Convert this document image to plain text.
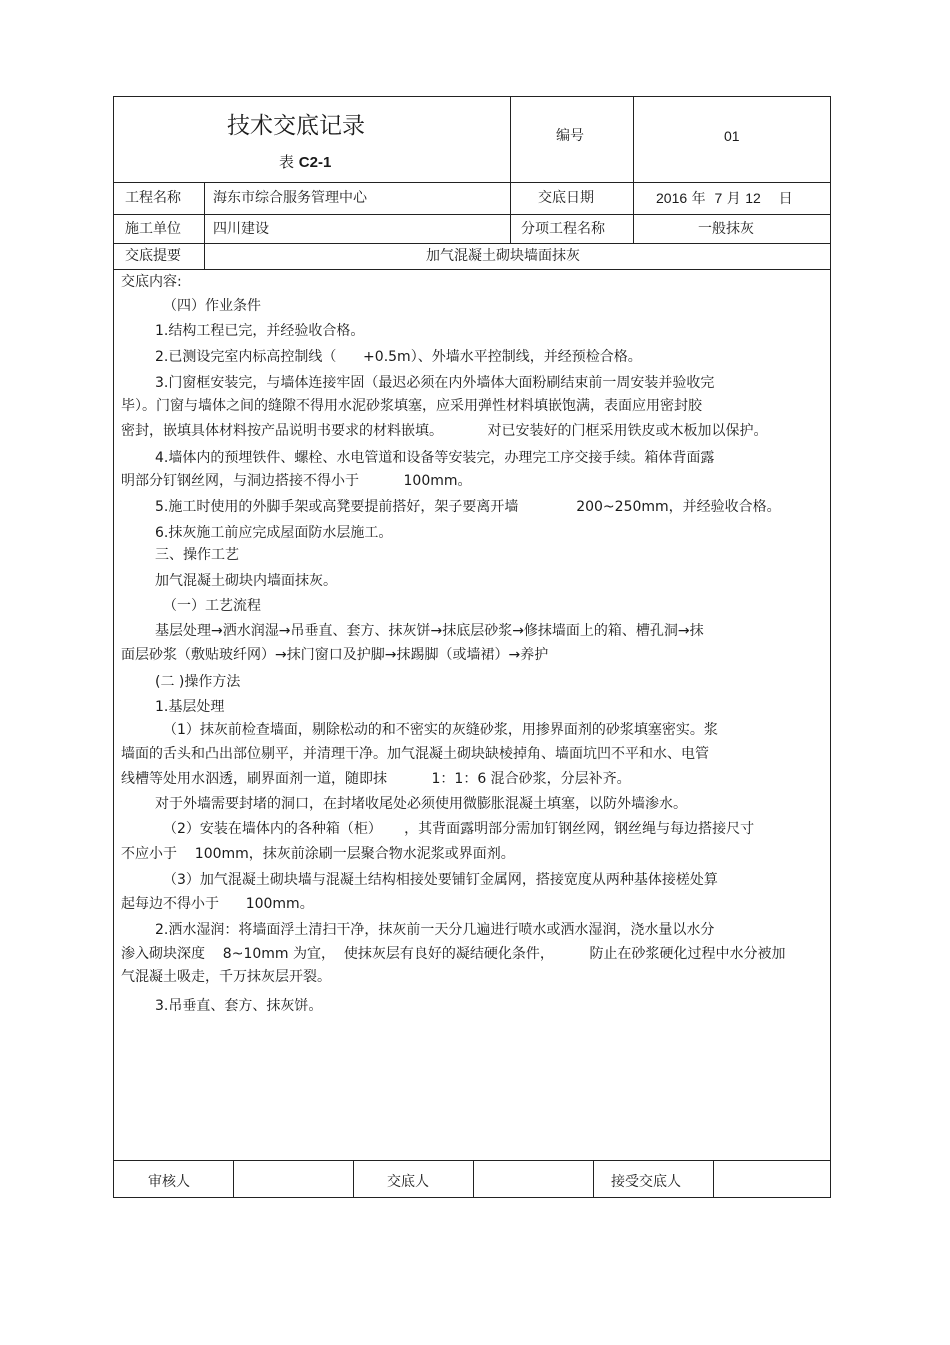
技术交底记录
表 C2-1
编号	01
工程名称 海东市综合服务管理中心	交底日期	2016 年 7 月 12 日
施工单位 四川建设	分项工程名称	一般抹灰
交底提要	加气混凝土砌块墙面抹灰
交底内容:
（四）作业条件
1.结构工程已完，并经验收合格。
2.已测设完室内标高控制线（      +0.5m）、外墙水平控制线，并经预检合格。
3.门窗框安装完，与墙体连接牢固（最迟必须在内外墙体大面粉刷结束前一周安装并验收完
毕）。门窗与墙体之间的缝隙不得用水泥砂浆填塞，应采用弹性材料填嵌饱满，表面应用密封胶
密封，嵌填具体材料按产品说明书要求的材料嵌填。          对已安装好的门框采用铁皮或木板加以保护。
4.墙体内的预埋铁件、螺栓、水电管道和设备等安装完，办理完工序交接手续。箱体背面露
明部分钉钢丝网，与洞边搭接不得小于          100mm。
5.施工时使用的外脚手架或高凳要提前搭好，架子要离开墙             200~250mm，并经验收合格。
6.抹灰施工前应完成屋面防水层施工。
三、操作工艺
加气混凝土砌块内墙面抹灰。
（一）工艺流程
基层处理→洒水润湿→吊垂直、套方、抹灰饼→抹底层砂浆→修抹墙面上的箱、槽孔洞→抹
面层砂浆（敷贴玻纤网）→抹门窗口及护脚→抹踢脚（或墙裙）→养护
(二 )操作方法
1.基层处理
（1）抹灰前检查墙面，剔除松动的和不密实的灰缝砂浆，用掺界面剂的砂浆填塞密实。浆
墙面的舌头和凸出部位剔平，并清理干净。加气混凝土砌块缺棱掉角、墙面坑凹不平和水、电管
线槽等处用水泅透，刷界面剂一道，随即抹          1：1：6 混合砂浆，分层补齐。
对于外墙需要封堵的洞口，在封堵收尾处必须使用微膨胀混凝土填塞，以防外墙渗水。
（2）安装在墙体内的各种箱（柜）     ，其背面露明部分需加钉钢丝网，钢丝绳与每边搭接尺寸
不应小于    100mm，抹灰前涂刷一层聚合物水泥浆或界面剂。
（3）加气混凝土砌块墙与混凝土结构相接处要铺钉金属网，搭接宽度从两种基体接槎处算
起每边不得小于      100mm。
2.洒水湿润：将墙面浮土清扫干净，抹灰前一天分几遍进行喷水或洒水湿润，浇水量以水分
渗入砌块深度    8~10mm 为宜，  使抹灰层有良好的凝结硬化条件，        防止在砂浆硬化过程中水分被加
气混凝土吸走，千万抹灰层开裂。
3.吊垂直、套方、抹灰饼。
审核人	交底人	接受交底人
